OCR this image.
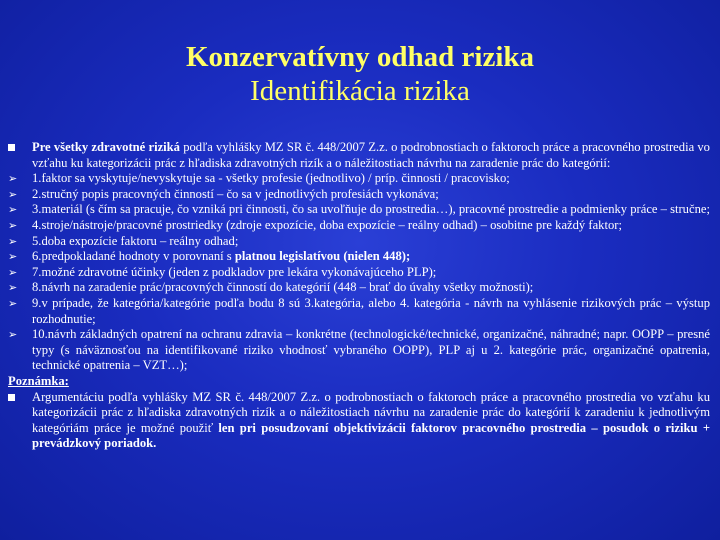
Konzervatívny odhad rizika
Identifikácia rizika
Pre všetky zdravotné riziká podľa vyhlášky MZ SR č. 448/2007 Z.z. o podrobnostiach o faktoroch práce a pracovného prostredia vo vzťahu ku kategorizácii prác z hľadiska zdravotných rizík a o náležitostiach návrhu na zaradenie prác do kategórií:
➢	1.faktor sa vyskytuje/nevyskytuje sa - všetky profesie (jednotlivo) / príp. činnosti / pracovisko;
➢	2.stručný popis pracovných činností – čo sa v jednotlivých profesiách vykonáva;
➢	3.materiál (s čím sa pracuje, čo vzniká pri činnosti, čo sa uvoľňuje do prostredia…), pracovné prostredie a podmienky práce – stručne;
➢	4.stroje/nástroje/pracovné prostriedky (zdroje expozície, doba expozície – reálny odhad) – osobitne pre každý faktor;
➢	5.doba expozície faktoru – reálny odhad;
➢	6.predpokladané hodnoty v porovnaní s platnou legislatívou (nielen 448);
➢	7.možné zdravotné účinky (jeden z podkladov pre lekára vykonávajúceho PLP);
➢	8.návrh na zaradenie prác/pracovných činností do kategórií (448 – brať do úvahy všetky možnosti);
➢	9.v prípade, že kategória/kategórie podľa bodu 8 sú 3.kategória, alebo 4. kategória - návrh na vyhlásenie rizikových prác – výstup rozhodnutie;
➢	10.návrh základných opatrení na ochranu zdravia – konkrétne (technologické/technické, organizačné, náhradné; napr. OOPP – presné typy (s náväznosťou na identifikované riziko vhodnosť vybraného OOPP), PLP aj u 2. kategórie prác, organizačné opatrenia, technické opatrenia – VZT…);
Poznámka:
Argumentáciu podľa vyhlášky MZ SR č. 448/2007 Z.z. o podrobnostiach o faktoroch práce a pracovného prostredia vo vzťahu ku kategorizácii prác z hľadiska zdravotných rizík a o náležitostiach návrhu na zaradenie prác do kategórií k zaradeniu k jednotlivým kategóriám práce je možné použiť len pri posudzovaní objektivizácii faktorov pracovného prostredia – posudok o riziku + prevádzkový poriadok.
